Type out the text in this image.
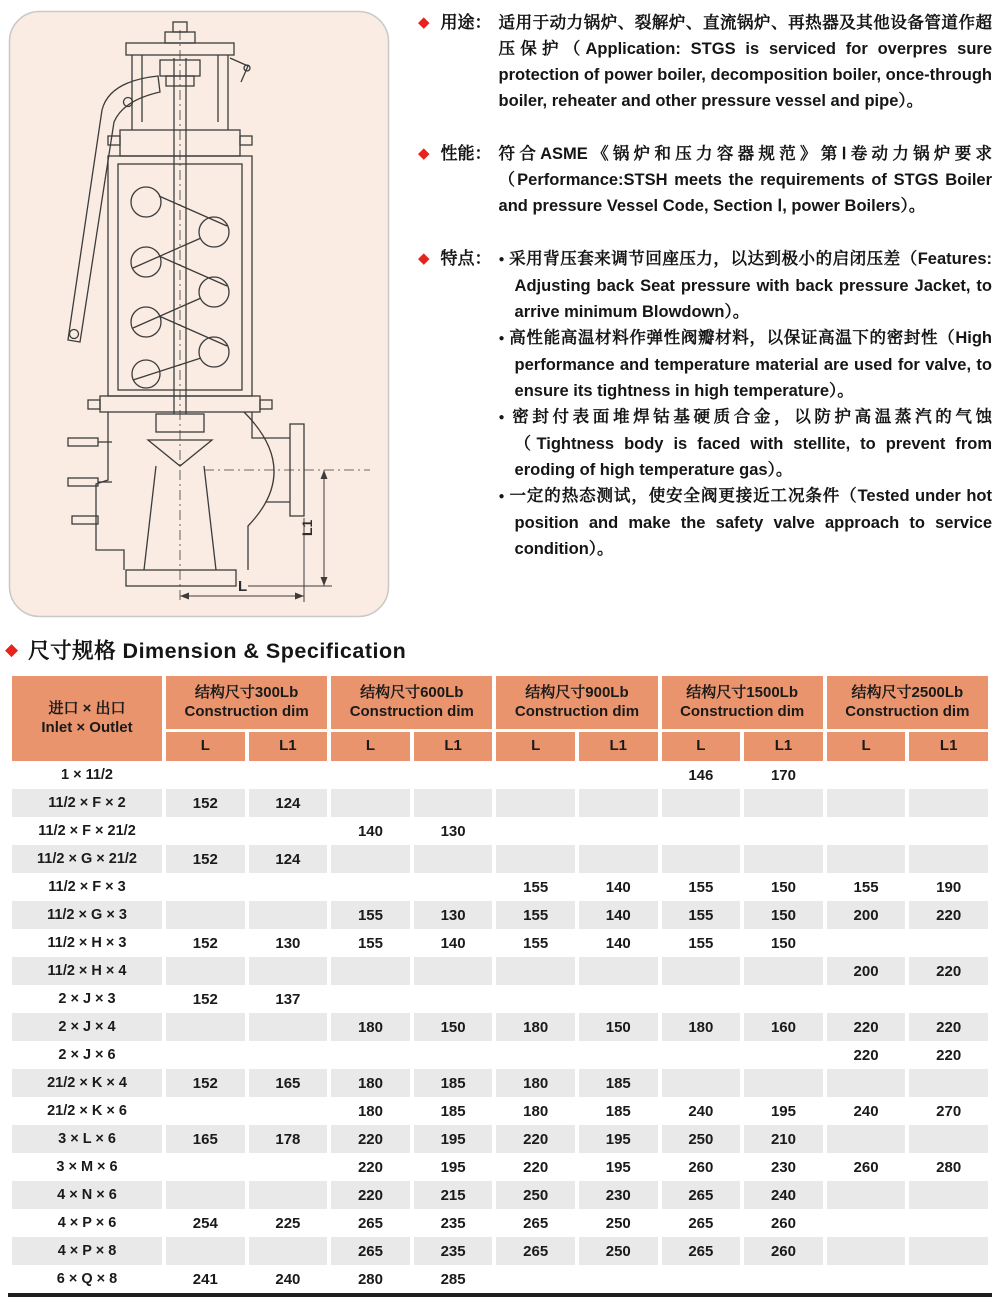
L
L1
◆ 用途： 适用于动力锅炉、裂解炉、直流锅炉、再热器及其他设备管道作超压保护（Application: STGS is serviced for overpres sure protection of power boiler, decomposition boiler, once-through boiler, reheater and other pressure vessel and pipe）。
◆ 性能： 符合ASME《锅炉和压力容器规范》第Ⅰ卷动力锅炉要求（Performance:STSH meets the requirements of STGS Boiler and pressure Vessel Code, Section Ⅰ, power Boilers）。
◆ 特点： ● 采用背压套来调节回座压力，以达到极小的启闭压差（Features: Adjusting back Seat pressure with back pressure Jacket, to arrive minimum Blowdown）。
● 高性能高温材料作弹性阀瓣材料，以保证高温下的密封性（High performance and temperature material are used for valve, to ensure its tightness in high temperature）。
● 密封付表面堆焊钴基硬质合金，以防护高温蒸汽的气蚀（Tightness body is faced with stellite, to prevent from eroding of high temperature gas）。
● 一定的热态测试，使安全阀更接近工况条件（Tested under hot position and make the safety valve approach to service condition）。
◆ 尺寸规格 Dimension & Specification
进口 × 出口
Inlet × Outlet	结构尺寸300Lb
Construction dim		结构尺寸600Lb
Construction dim		结构尺寸900Lb
Construction dim		结构尺寸1500Lb
Construction dim		结构尺寸2500Lb
Construction dim	
	L	L1	L	L1	L	L1	L	L1	L	L1
1 × 11/2							146	170		
11/2 × F × 2	152	124								
11/2 × F × 21/2			140	130						
11/2 × G × 21/2	152	124								
11/2 × F × 3					155	140	155	150	155	190
11/2 × G × 3			155	130	155	140	155	150	200	220
11/2 × H × 3	152	130	155	140	155	140	155	150		
11/2 × H × 4									200	220
2 × J × 3	152	137								
2 × J × 4			180	150	180	150	180	160	220	220
2 × J × 6									220	220
21/2 × K × 4	152	165	180	185	180	185				
21/2 × K × 6			180	185	180	185	240	195	240	270
3 × L × 6	165	178	220	195	220	195	250	210		
3 × M × 6			220	195	220	195	260	230	260	280
4 × N × 6			220	215	250	230	265	240		
4 × P × 6	254	225	265	235	265	250	265	260		
4 × P × 8			265	235	265	250	265	260		
6 × Q × 8	241	240	280	285						
